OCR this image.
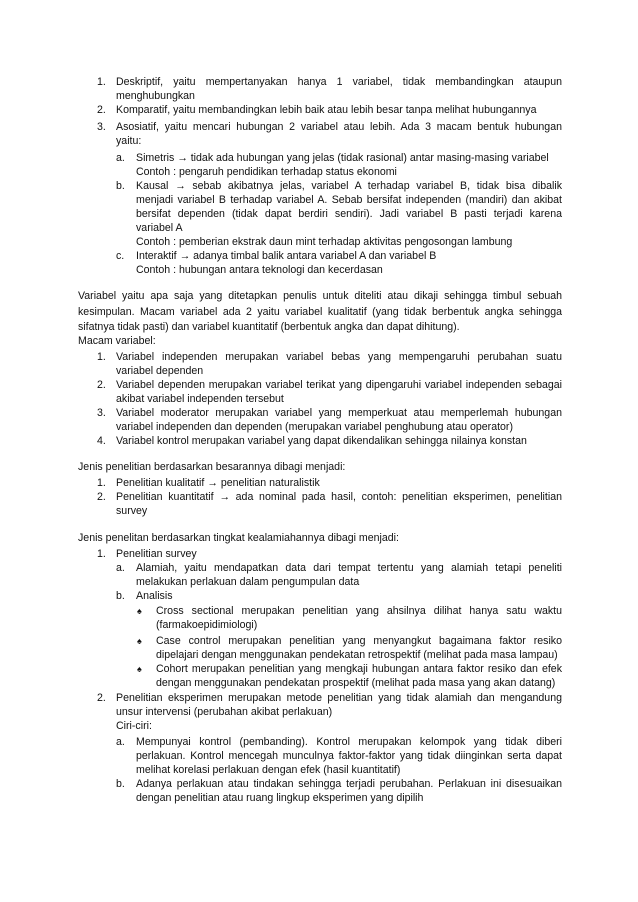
1. Deskriptif, yaitu mempertanyakan hanya 1 variabel, tidak membandingkan ataupun
menghubungkan
2. Komparatif, yaitu membandingkan lebih baik atau lebih besar tanpa melihat hubungannya
3. Asosiatif, yaitu mencari hubungan 2 variabel atau lebih. Ada 3 macam bentuk hubungan
yaitu:
a. Simetris → tidak ada hubungan yang jelas (tidak rasional) antar masing-masing variabel
Contoh : pengaruh pendidikan terhadap status ekonomi
b. Kausal → sebab akibatnya jelas, variabel A terhadap variabel B, tidak bisa dibalik
menjadi variabel B terhadap variabel A. Sebab bersifat independen (mandiri) dan akibat
bersifat dependen (tidak dapat berdiri sendiri). Jadi variabel B pasti terjadi karena
variabel A
Contoh : pemberian ekstrak daun mint terhadap aktivitas pengosongan lambung
c. Interaktif → adanya timbal balik antara variabel A dan variabel B
Contoh : hubungan antara teknologi dan kecerdasan
Variabel yaitu apa saja yang ditetapkan penulis untuk diteliti atau dikaji sehingga timbul sebuah
kesimpulan. Macam variabel ada 2 yaitu variabel kualitatif (yang tidak berbentuk angka sehingga
sifatnya tidak pasti) dan variabel kuantitatif (berbentuk angka dan dapat dihitung).
Macam variabel:
1. Variabel independen merupakan variabel bebas yang mempengaruhi perubahan suatu
variabel dependen
2. Variabel dependen merupakan variabel terikat yang dipengaruhi variabel independen sebagai
akibat variabel independen tersebut
3. Variabel moderator merupakan variabel yang memperkuat atau memperlemah hubungan
variabel independen dan dependen (merupakan variabel penghubung atau operator)
4. Variabel kontrol merupakan variabel yang dapat dikendalikan sehingga nilainya konstan
Jenis penelitian berdasarkan besarannya dibagi menjadi:
1. Penelitian kualitatif → penelitian naturalistik
2. Penelitian kuantitatif → ada nominal pada hasil, contoh: penelitian eksperimen, penelitian
survey
Jenis penelitan berdasarkan tingkat kealamiahannya dibagi menjadi:
1. Penelitian survey
a. Alamiah, yaitu mendapatkan data dari tempat tertentu yang alamiah tetapi peneliti
melakukan perlakuan dalam pengumpulan data
b. Analisis
♠ Cross sectional merupakan penelitian yang ahsilnya dilihat hanya satu waktu
(farmakoepidimiologi)
♠ Case control merupakan penelitian yang menyangkut bagaimana faktor resiko
dipelajari dengan menggunakan pendekatan retrospektif (melihat pada masa lampau)
♠ Cohort merupakan penelitian yang mengkaji hubungan antara faktor resiko dan efek
dengan menggunakan pendekatan prospektif (melihat pada masa yang akan datang)
2. Penelitian eksperimen merupakan metode penelitian yang tidak alamiah dan mengandung
unsur intervensi (perubahan akibat perlakuan)
Ciri-ciri:
a. Mempunyai kontrol (pembanding). Kontrol merupakan kelompok yang tidak diberi
perlakuan. Kontrol mencegah munculnya faktor-faktor yang tidak diinginkan serta dapat
melihat korelasi perlakuan dengan efek (hasil kuantitatif)
b. Adanya perlakuan atau tindakan sehingga terjadi perubahan. Perlakuan ini disesuaikan
dengan penelitian atau ruang lingkup eksperimen yang dipilih
